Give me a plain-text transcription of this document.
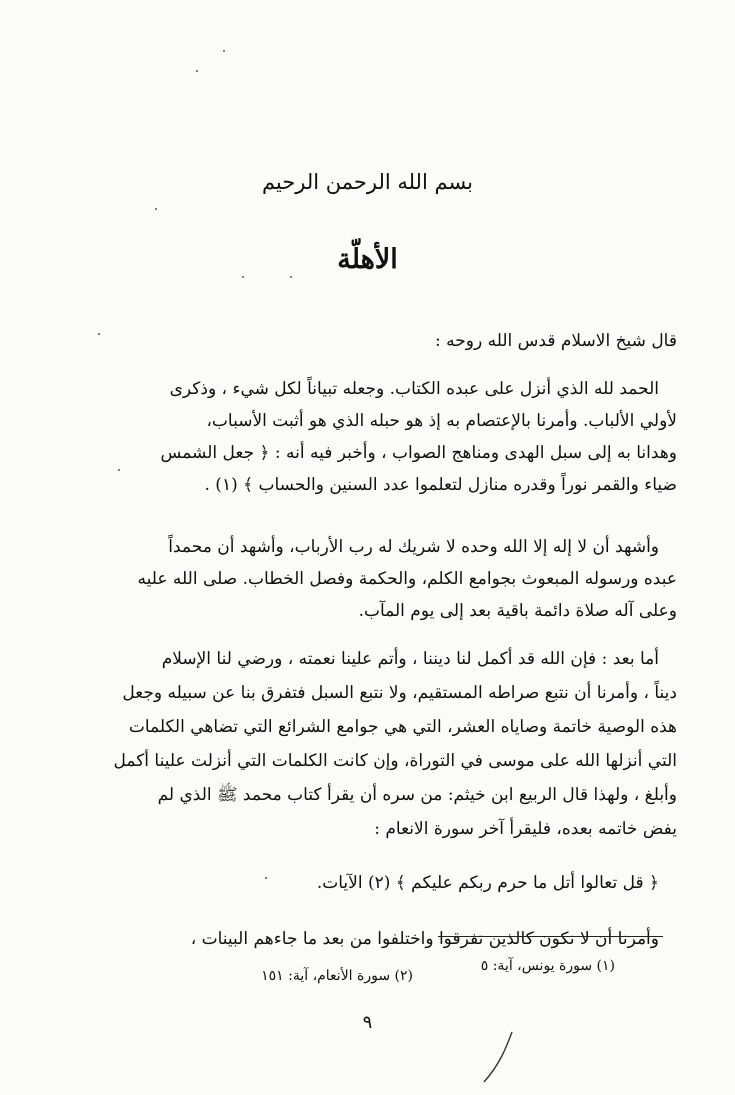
بسم الله الرحمن الرحيم
الأهلّة
قال شيخ الاسلام قدس الله روحه :
الحمد لله الذي أنزل على عبده الكتاب. وجعله تبياناً لكل شيء ، وذكرى
لأولي الألباب. وأمرنا بالإعتصام به إذ هو حبله الذي هو أثبت الأسباب،
وهدانا به إلى سبل الهدى ومناهج الصواب ، وأخبر فيه أنه : ﴿ جعل الشمس
ضياء والقمر نوراً وقدره منازل لتعلموا عدد السنين والحساب ﴾ (١) .
وأشهد أن لا إله إلا الله وحده لا شريك له رب الأرباب، وأشهد أن محمداً
عبده ورسوله المبعوث بجوامع الكلم، والحكمة وفصل الخطاب. صلى الله عليه
وعلى آله صلاة دائمة باقية بعد إلى يوم المآب.
أما بعد : فإن الله قد أكمل لنا ديننا ، وأتم علينا نعمته ، ورضي لنا الإسلام
ديناً ، وأمرنا أن نتبع صراطه المستقيم، ولا نتبع السبل فتفرق بنا عن سبيله وجعل
هذه الوصية خاتمة وصاياه العشر، التي هي جوامع الشرائع التي تضاهي الكلمات
التي أنزلها الله على موسى في التوراة، وإن كانت الكلمات التي أنزلت علينا أكمل
وأبلغ ، ولهذا قال الربيع ابن خيثم: من سره أن يقرأ كتاب محمد ﷺ الذي لم
يفض خاتمه بعده، فليقرأ آخر سورة الانعام :
﴿ قل تعالوا أتل ما حرم ربكم عليكم ﴾ (٢) الآيات.
وأمرنا أن لا نكون كالذين تفرقوا واختلفوا من بعد ما جاءهم البينات ،
(١) سورة يونس، آية: ٥
(٢) سورة الأنعام، آية: ١٥١
٩
